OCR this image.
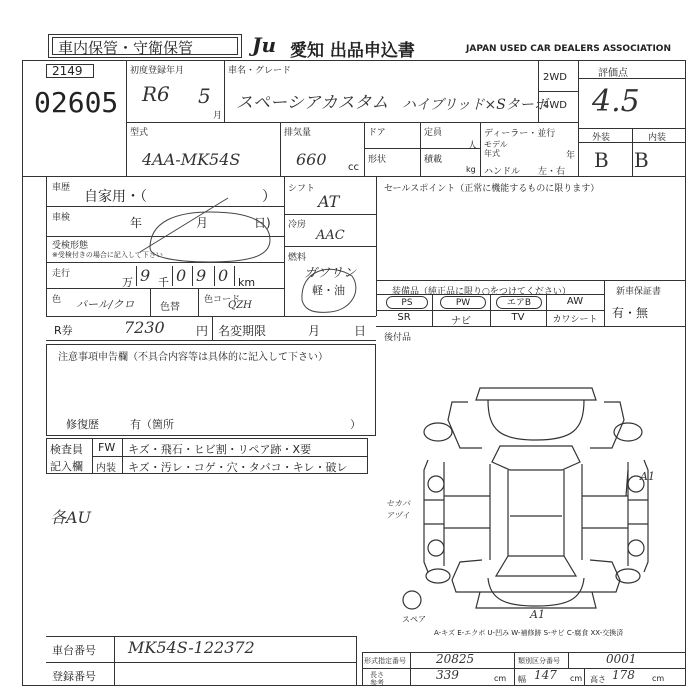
車内保管・守衛保管	Ju 愛知 出品申込書	JAPAN USED CAR DEALERS ASSOCIATION
2149
02605
初度登録年月
R6 5
月
車名・グレード
スペーシアカスタム ハイブリッド×Sターボ
2WD
4WD
評価点
4.5
外装	内装
B B
型式
4AA-MK54S
排気量
660 cc
ドア	定員
人
形状	積載
kg
ディーラー・並行
モデル年式	年
ハンドル 左・右
車歴
自家用・（	）
車検	年	月	日)
受検形態
※受検付きの場合に記入して下さい
走行
万 9 千 0 9 0 km
色 パール/クロ	色替
色コード
QZH
シフト
AT
冷房
AAC
燃料
ガソリン
軽・油
セールスポイント（正常に機能するものに限ります）
装備品（純正品に限り○をつけてください）	新車保証書
有・無
PS	PW	エアB	AW
SR	ナビ	TV	カワシート
後付品
R券	7230	円 名変期限	月	日
注意事項申告欄（不具合内容等は具体的に記入して下さい）
修復歴	有（箇所	）
検査員
記入欄
FW キズ・飛石・ヒビ割・リペア跡・X要
内装 キズ・汚レ・コゲ・穴・タバコ・キレ・破レ
各AU
A1
A1
セカバ
アヅイ
スペア
A-キズ E-エクボ U-凹み W-補修跡 S-サビ C-腐食 XX-交換済
車台番号 MK54S-122372
登録番号
形式指定番号	20825	類別区分番号	0001
長さ
参考
339	cm 幅 147 cm 高さ 178 cm
